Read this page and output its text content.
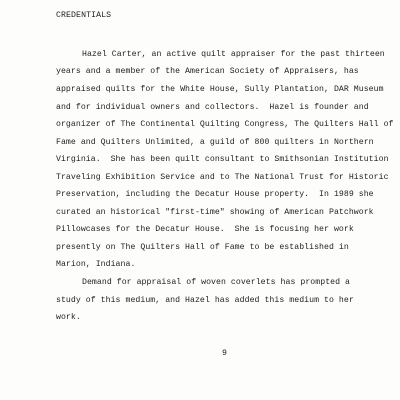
CREDENTIALS
Hazel Carter, an active quilt appraiser for the past thirteen
years and a member of the American Society of Appraisers, has
appraised quilts for the White House, Sully Plantation, DAR Museum
and for individual owners and collectors.  Hazel is founder and
organizer of The Continental Quilting Congress, The Quilters Hall of
Fame and Quilters Unlimited, a guild of 800 quilters in Northern
Virginia.  She has been quilt consultant to Smithsonian Institution
Traveling Exhibition Service and to The National Trust for Historic
Preservation, including the Decatur House property.  In 1989 she
curated an historical "first-time" showing of American Patchwork
Pillowcases for the Decatur House.  She is focusing her work
presently on The Quilters Hall of Fame to be established in
Marion, Indiana.
Demand for appraisal of woven coverlets has prompted a
study of this medium, and Hazel has added this medium to her
work.
9
